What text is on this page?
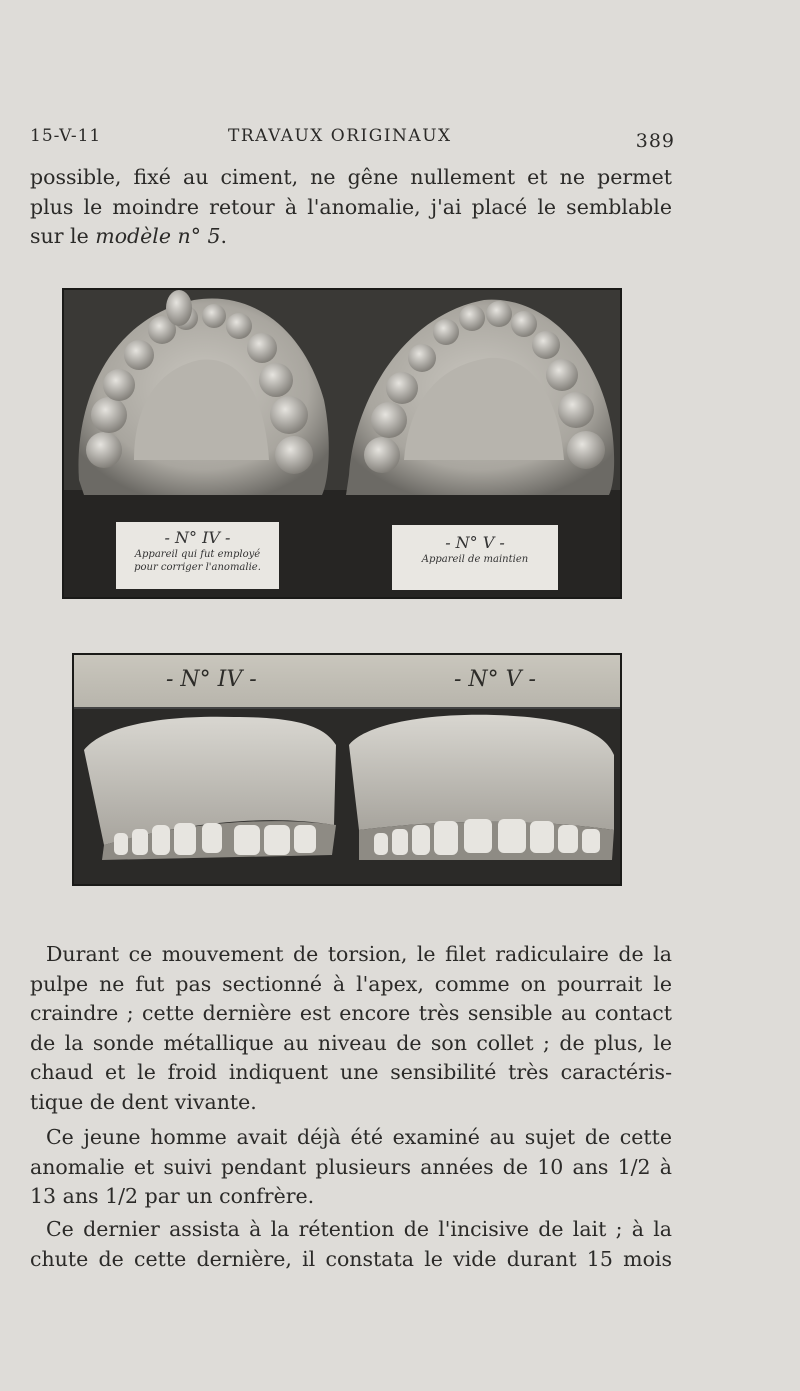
15-V-11	TRAVAUX ORIGINAUX	389
possible, fixé au ciment, ne gêne nullement et ne permet
plus le moindre retour à l'anomalie, j'ai placé le semblable
sur le modèle n° 5.
- N° IV -
Appareil qui fut employé
pour corriger l'anomalie.
- N° V -
Appareil de maintien
- N° IV -	- N° V -
Durant ce mouvement de torsion, le filet radiculaire de la
pulpe ne fut pas sectionné à l'apex, comme on pourrait le
craindre ; cette dernière est encore très sensible au contact
de la sonde métallique au niveau de son collet ; de plus, le
chaud et le froid indiquent une sensibilité très caractéris-
tique de dent vivante.
Ce jeune homme avait déjà été examiné au sujet de cette
anomalie et suivi pendant plusieurs années de 10 ans 1/2 à
13 ans 1/2 par un confrère.
Ce dernier assista à la rétention de l'incisive de lait ; à la
chute de cette dernière, il constata le vide durant 15 mois
